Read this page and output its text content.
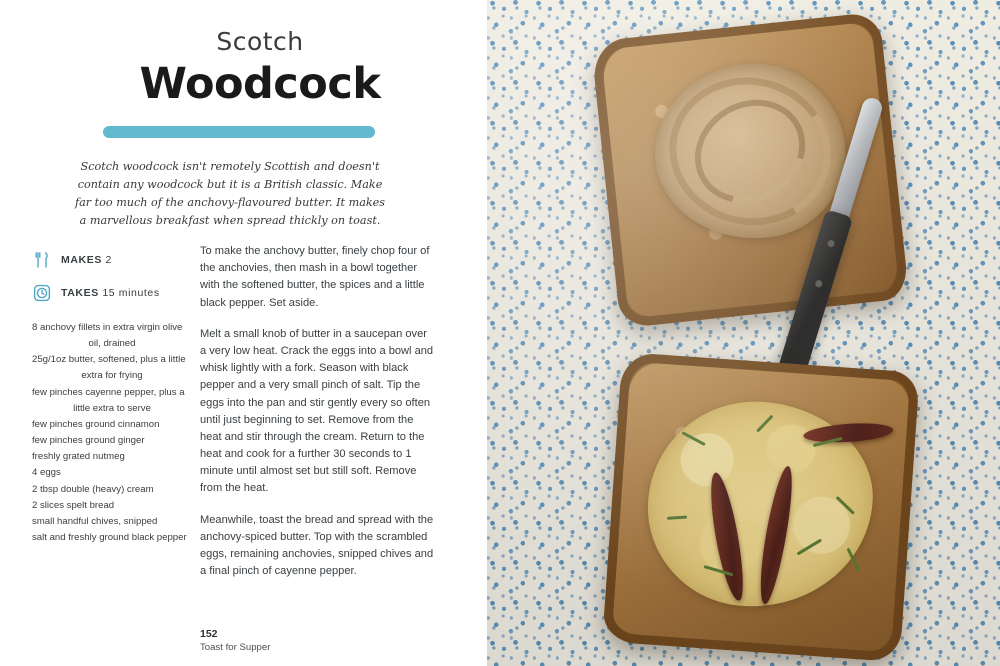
Scotch
Woodcock
Scotch woodcock isn't remotely Scottish and doesn't contain any woodcock but it is a British classic. Make far too much of the anchovy-flavoured butter. It makes a marvellous breakfast when spread thickly on toast.
MAKES 2
TAKES 15 minutes
8 anchovy fillets in extra virgin olive
oil, drained
25g/1oz butter, softened, plus a little
extra for frying
few pinches cayenne pepper, plus a
little extra to serve
few pinches ground cinnamon
few pinches ground ginger
freshly grated nutmeg
4 eggs
2 tbsp double (heavy) cream
2 slices spelt bread
small handful chives, snipped
salt and freshly ground black pepper

To make the anchovy butter, finely chop four of the anchovies, then mash in a bowl together with the softened butter, the spices and a little black pepper. Set aside.

Melt a small knob of butter in a saucepan over a very low heat. Crack the eggs into a bowl and whisk lightly with a fork. Season with black pepper and a very small pinch of salt. Tip the eggs into the pan and stir gently every so often until just beginning to set. Remove from the heat and stir through the cream. Return to the heat and cook for a further 30 seconds to 1 minute until almost set but still soft. Remove from the heat.

Meanwhile, toast the bread and spread with the anchovy-spiced butter. Top with the scrambled eggs, remaining anchovies, snipped chives and a final pinch of cayenne pepper.

152
Toast for Supper
